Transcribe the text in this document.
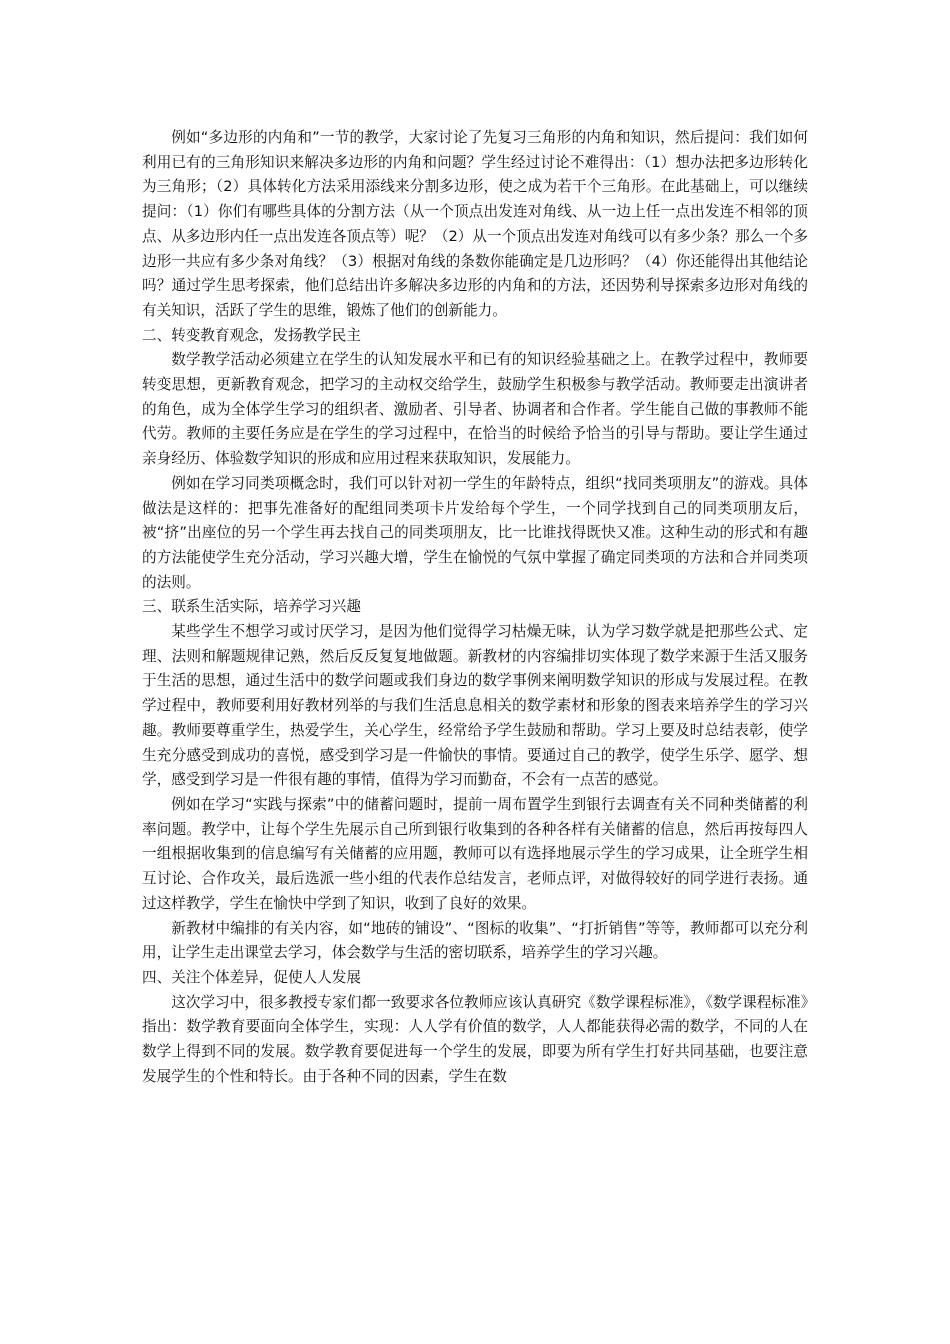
例如“多边形的内角和”一节的教学，大家讨论了先复习三角形的内角和知识，然后提问：我们如何利用已有的三角形知识来解决多边形的内角和问题？学生经过讨论不难得出：（1）想办法把多边形转化为三角形；（2）具体转化方法采用添线来分割多边形，使之成为若干个三角形。在此基础上，可以继续提问：（1）你们有哪些具体的分割方法（从一个顶点出发连对角线、从一边上任一点出发连不相邻的顶点、从多边形内任一点出发连各顶点等）呢？（2）从一个顶点出发连对角线可以有多少条？那么一个多边形一共应有多少条对角线？（3）根据对角线的条数你能确定是几边形吗？（4）你还能得出其他结论吗？通过学生思考探索，他们总结出许多解决多边形的内角和的方法，还因势利导探索多边形对角线的有关知识，活跃了学生的思维，锻炼了他们的创新能力。

二、转变教育观念，发扬教学民主

数学教学活动必须建立在学生的认知发展水平和已有的知识经验基础之上。在教学过程中，教师要转变思想，更新教育观念，把学习的主动权交给学生，鼓励学生积极参与教学活动。教师要走出演讲者的角色，成为全体学生学习的组织者、激励者、引导者、协调者和合作者。学生能自己做的事教师不能代劳。教师的主要任务应是在学生的学习过程中，在恰当的时候给予恰当的引导与帮助。要让学生通过亲身经历、体验数学知识的形成和应用过程来获取知识，发展能力。

例如在学习同类项概念时，我们可以针对初一学生的年龄特点，组织“找同类项朋友”的游戏。具体做法是这样的：把事先准备好的配组同类项卡片发给每个学生，一个同学找到自己的同类项朋友后，被“挤”出座位的另一个学生再去找自己的同类项朋友，比一比谁找得既快又准。这种生动的形式和有趣的方法能使学生充分活动，学习兴趣大增，学生在愉悦的气氛中掌握了确定同类项的方法和合并同类项的法则。

三、联系生活实际，培养学习兴趣

某些学生不想学习或讨厌学习，是因为他们觉得学习枯燥无味，认为学习数学就是把那些公式、定理、法则和解题规律记熟，然后反反复复地做题。新教材的内容编排切实体现了数学来源于生活又服务于生活的思想，通过生活中的数学问题或我们身边的数学事例来阐明数学知识的形成与发展过程。在教学过程中，教师要利用好教材列举的与我们生活息息相关的数学素材和形象的图表来培养学生的学习兴趣。教师要尊重学生，热爱学生，关心学生，经常给予学生鼓励和帮助。学习上要及时总结表彰，使学生充分感受到成功的喜悦，感受到学习是一件愉快的事情。要通过自己的教学，使学生乐学、愿学、想学，感受到学习是一件很有趣的事情，值得为学习而勤奋，不会有一点苦的感觉。

例如在学习“实践与探索”中的储蓄问题时，提前一周布置学生到银行去调查有关不同种类储蓄的利率问题。教学中，让每个学生先展示自己所到银行收集到的各种各样有关储蓄的信息，然后再按每四人一组根据收集到的信息编写有关储蓄的应用题，教师可以有选择地展示学生的学习成果，让全班学生相互讨论、合作攻关，最后选派一些小组的代表作总结发言，老师点评，对做得较好的同学进行表扬。通过这样教学，学生在愉快中学到了知识，收到了良好的效果。

新教材中编排的有关内容，如“地砖的铺设”、“图标的收集”、“打折销售”等等，教师都可以充分利用，让学生走出课堂去学习，体会数学与生活的密切联系，培养学生的学习兴趣。

四、关注个体差异，促使人人发展

这次学习中，很多教授专家们都一致要求各位教师应该认真研究《数学课程标准》，《数学课程标准》指出：数学教育要面向全体学生，实现：人人学有价值的数学，人人都能获得必需的数学，不同的人在数学上得到不同的发展。数学教育要促进每一个学生的发展，即要为所有学生打好共同基础，也要注意发展学生的个性和特长。由于各种不同的因素，学生在数
